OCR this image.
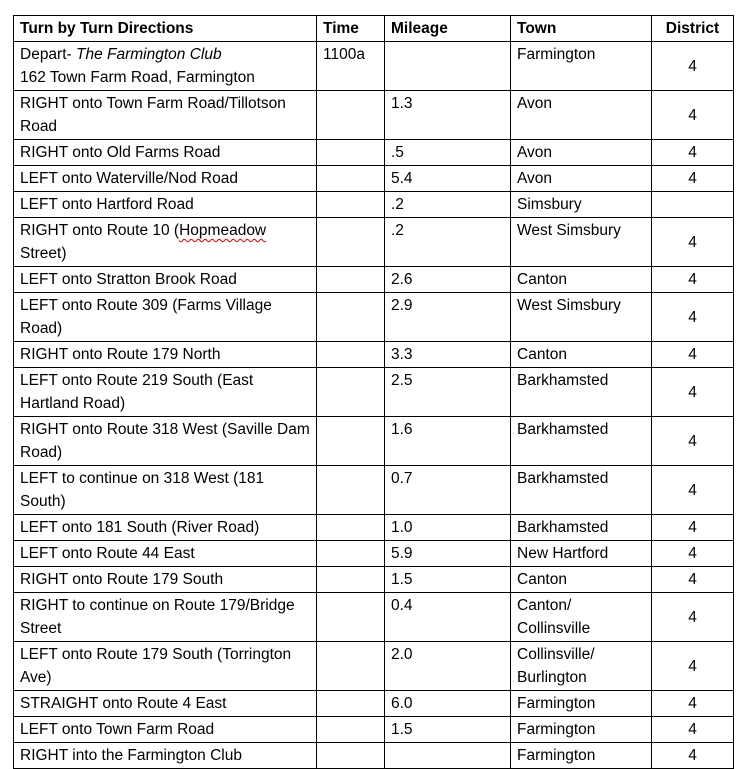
Turn by Turn Directions	Time	Mileage	Town	District
Depart- The Farmington Club
162 Town Farm Road, Farmington	1100a		Farmington	4
RIGHT onto Town Farm Road/Tillotson Road		1.3	Avon	4
RIGHT onto Old Farms Road		.5	Avon	4
LEFT onto Waterville/Nod Road		5.4	Avon	4
LEFT onto Hartford Road		.2	Simsbury	
RIGHT onto Route 10 (Hopmeadow Street)		.2	West Simsbury	4
LEFT onto Stratton Brook Road		2.6	Canton	4
LEFT onto Route 309 (Farms Village Road)		2.9	West Simsbury	4
RIGHT onto Route 179 North		3.3	Canton	4
LEFT onto Route 219 South (East Hartland Road)		2.5	Barkhamsted	4
RIGHT onto Route 318 West (Saville Dam Road)		1.6	Barkhamsted	4
LEFT to continue on 318 West (181 South)		0.7	Barkhamsted	4
LEFT onto 181 South (River Road)		1.0	Barkhamsted	4
LEFT onto Route 44 East		5.9	New Hartford	4
RIGHT onto Route 179 South		1.5	Canton	4
RIGHT to continue on Route 179/Bridge Street		0.4	Canton/
Collinsville	4
LEFT onto Route 179 South (Torrington Ave)		2.0	Collinsville/
Burlington	4
STRAIGHT onto Route 4 East		6.0	Farmington	4
LEFT onto Town Farm Road		1.5	Farmington	4
RIGHT into the Farmington Club			Farmington	4
